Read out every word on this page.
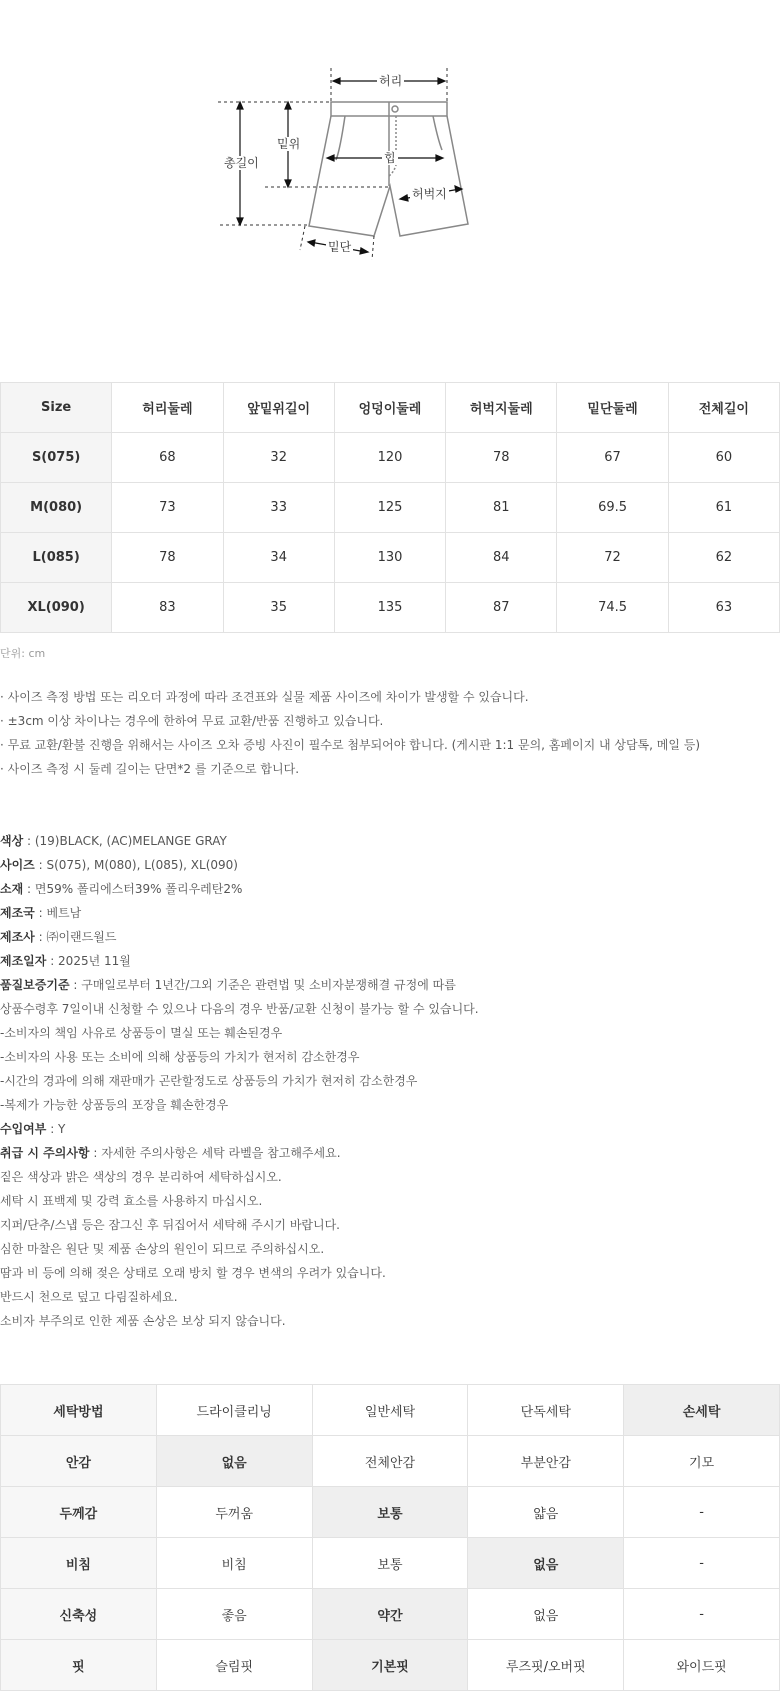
허리
밑위
총길이	힙
허벅지
밑단
Size	허리둘레	앞밑위길이	엉덩이둘레	허벅지둘레	밑단둘레	전체길이
S(075)	68	32	120	78	67	60
M(080)	73	33	125	81	69.5	61
L(085)	78	34	130	84	72	62
XL(090)	83	35	135	87	74.5	63
단위: cm
· 사이즈 측정 방법 또는 리오더 과정에 따라 조견표와 실물 제품 사이즈에 차이가 발생할 수 있습니다.
· ±3cm 이상 차이나는 경우에 한하여 무료 교환/반품 진행하고 있습니다.
· 무료 교환/환불 진행을 위해서는 사이즈 오차 증빙 사진이 필수로 첨부되어야 합니다. (게시판 1:1 문의, 홈페이지 내 상담톡, 메일 등)
· 사이즈 측정 시 둘레 길이는 단면*2 를 기준으로 합니다.
색상 : (19)BLACK, (AC)MELANGE GRAY
사이즈 : S(075), M(080), L(085), XL(090)
소재 : 면59% 폴리에스터39% 폴리우레탄2%
제조국 : 베트남
제조사 : ㈜이랜드월드
제조일자 : 2025년 11월
품질보증기준 : 구매일로부터 1년간/그외 기준은 관련법 및 소비자분쟁해결 규정에 따름
상품수령후 7일이내 신청할 수 있으나 다음의 경우 반품/교환 신청이 불가능 할 수 있습니다.
-소비자의 책임 사유로 상품등이 멸실 또는 훼손된경우
-소비자의 사용 또는 소비에 의해 상품등의 가치가 현저히 감소한경우
-시간의 경과에 의해 재판매가 곤란할정도로 상품등의 가치가 현저히 감소한경우
-복제가 가능한 상품등의 포장을 훼손한경우
수입여부 : Y
취급 시 주의사항 : 자세한 주의사항은 세탁 라벨을 참고해주세요.
짙은 색상과 밝은 색상의 경우 분리하여 세탁하십시오.
세탁 시 표백제 및 강력 효소를 사용하지 마십시오.
지퍼/단추/스냅 등은 잠그신 후 뒤집어서 세탁해 주시기 바랍니다.
심한 마찰은 원단 및 제품 손상의 원인이 되므로 주의하십시오.
땀과 비 등에 의해 젖은 상태로 오래 방치 할 경우 변색의 우려가 있습니다.
반드시 천으로 덮고 다림질하세요.
소비자 부주의로 인한 제품 손상은 보상 되지 않습니다.
세탁방법	드라이클리닝	일반세탁	단독세탁	손세탁
안감	없음	전체안감	부분안감	기모
두께감	두꺼움	보통	얇음	-
비침	비침	보통	없음	-
신축성	좋음	약간	없음	-
핏	슬림핏	기본핏	루즈핏/오버핏	와이드핏
